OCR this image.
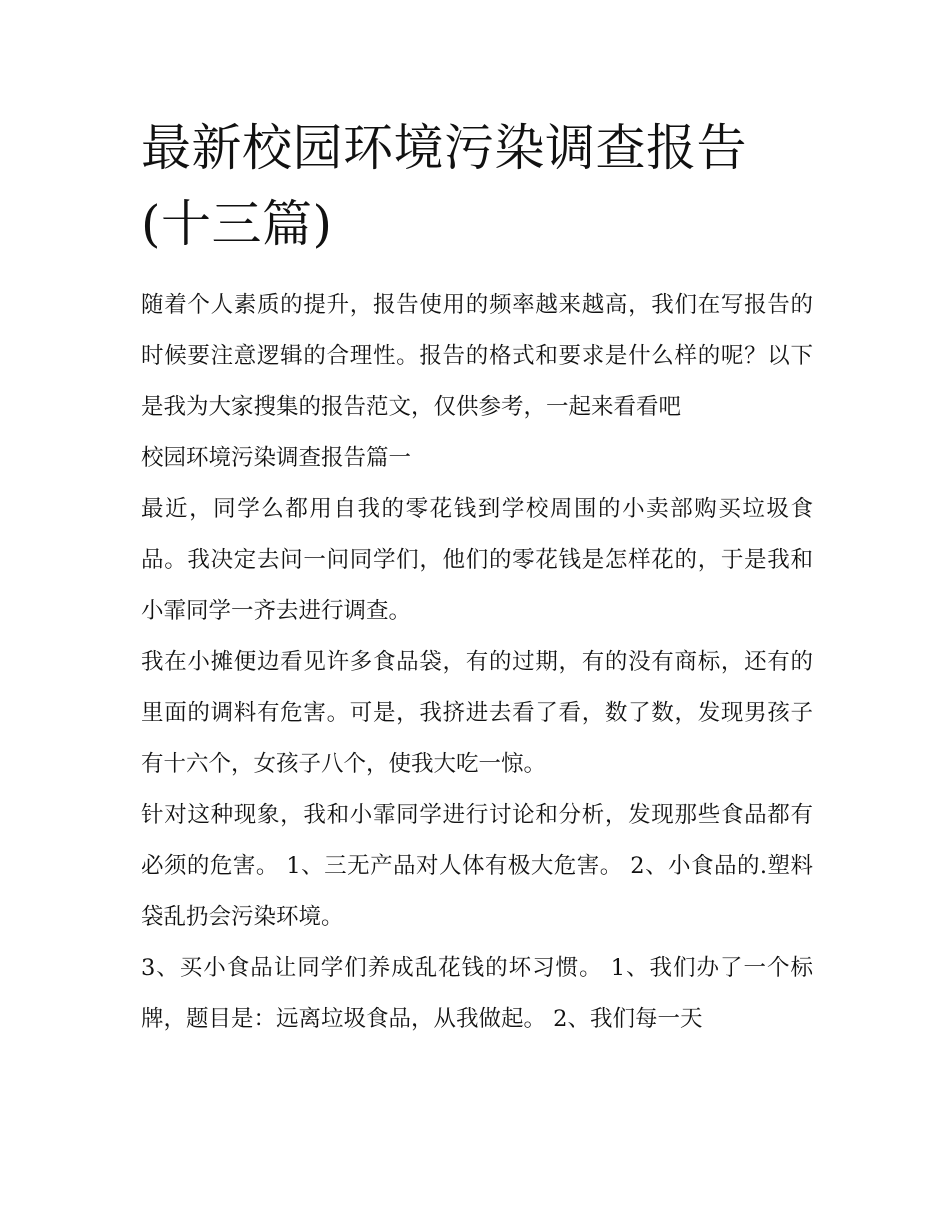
最新校园环境污染调查报告(十三篇)

随着个人素质的提升，报告使用的频率越来越高，我们在写报告的时候要注意逻辑的合理性。报告的格式和要求是什么样的呢？以下是我为大家搜集的报告范文，仅供参考，一起来看看吧

校园环境污染调查报告篇一

最近，同学么都用自我的零花钱到学校周围的小卖部购买垃圾食品。我决定去问一问同学们，他们的零花钱是怎样花的，于是我和小霏同学一齐去进行调查。

我在小摊便边看见许多食品袋，有的过期，有的没有商标，还有的里面的调料有危害。可是，我挤进去看了看，数了数，发现男孩子有十六个，女孩子八个，使我大吃一惊。

针对这种现象，我和小霏同学进行讨论和分析，发现那些食品都有必须的危害。 1、三无产品对人体有极大危害。 2、小食品的.塑料袋乱扔会污染环境。

3、买小食品让同学们养成乱花钱的坏习惯。 1、我们办了一个标牌，题目是：远离垃圾食品，从我做起。 2、我们每一天
